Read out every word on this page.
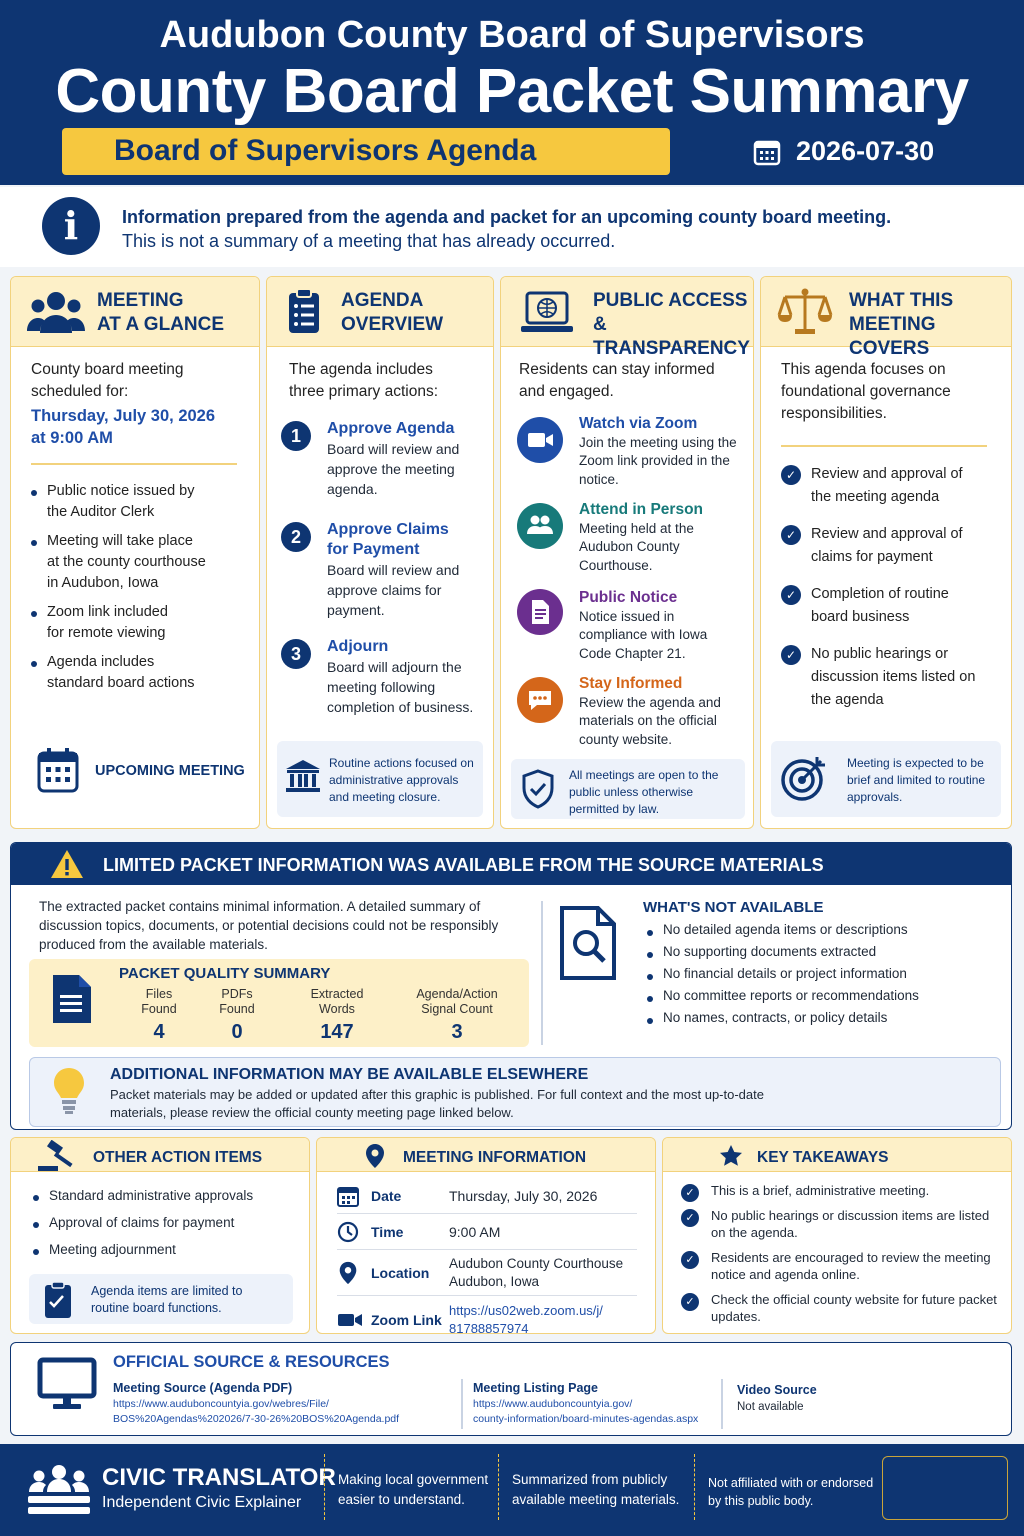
Audubon County Board of Supervisors
County Board Packet Summary
Board of Supervisors Agenda	2026-07-30
i	Information prepared from the agenda and packet for an upcoming county board meeting.
This is not a summary of a meeting that has already occurred.
MEETING
AT A GLANCE
County board meeting scheduled for:
Thursday, July 30, 2026
at 9:00 AM
Public notice issued by the Auditor Clerk
Meeting will take place at the county courthouse in Audubon, Iowa
Zoom link included for remote viewing
Agenda includes standard board actions
UPCOMING MEETING
AGENDA
OVERVIEW
The agenda includes three primary actions:
1	Approve Agenda
Board will review and approve the meeting agenda.
2	Approve Claims for Payment
Board will review and approve claims for payment.
3	Adjourn
Board will adjourn the meeting following completion of business.
Routine actions focused on administrative approvals and meeting closure.
PUBLIC ACCESS
& TRANSPARENCY
Residents can stay informed and engaged.
Watch via Zoom
Join the meeting using the Zoom link provided in the notice.
Attend in Person
Meeting held at the Audubon County Courthouse.
Public Notice
Notice issued in compliance with Iowa Code Chapter 21.
Stay Informed
Review the agenda and materials on the official county website.
All meetings are open to the public unless otherwise permitted by law.
WHAT THIS
MEETING COVERS
This agenda focuses on foundational governance responsibilities.
✓	Review and approval of the meeting agenda
✓	Review and approval of claims for payment
✓	Completion of routine board business
✓	No public hearings or discussion items listed on the agenda
Meeting is expected to be brief and limited to routine approvals.
LIMITED PACKET INFORMATION WAS AVAILABLE FROM THE SOURCE MATERIALS
The extracted packet contains minimal information. A detailed summary of discussion topics, documents, or potential decisions could not be responsibly produced from the available materials.
PACKET QUALITY SUMMARY
Files Found
4
PDFs Found
0
Extracted Words
147
Agenda/Action Signal Count
3
WHAT'S NOT AVAILABLE
No detailed agenda items or descriptions
No supporting documents extracted
No financial details or project information
No committee reports or recommendations
No names, contracts, or policy details
ADDITIONAL INFORMATION MAY BE AVAILABLE ELSEWHERE
Packet materials may be added or updated after this graphic is published. For full context and the most up-to-date materials, please review the official county meeting page linked below.
OTHER ACTION ITEMS
Standard administrative approvals
Approval of claims for payment
Meeting adjournment
Agenda items are limited to routine board functions.
MEETING INFORMATION
Date	Thursday, July 30, 2026
Time	9:00 AM
Location
Audubon County Courthouse
Audubon, Iowa
Zoom Link
https://us02web.zoom.us/j/
81788857974
KEY TAKEAWAYS
✓	This is a brief, administrative meeting.
✓	No public hearings or discussion items are listed on the agenda.
✓	Residents are encouraged to review the meeting notice and agenda online.
✓	Check the official county website for future packet updates.
OFFICIAL SOURCE & RESOURCES
Meeting Source (Agenda PDF)
https://www.auduboncountyia.gov/webres/File/
BOS%20Agendas%202026/7-30-26%20BOS%20Agenda.pdf
Meeting Listing Page
https://www.auduboncountyia.gov/
county-information/board-minutes-agendas.aspx
Video Source
Not available
CIVIC TRANSLATOR
Independent Civic Explainer
Making local government easier to understand.
Summarized from publicly available meeting materials.
Not affiliated with or endorsed by this public body.
